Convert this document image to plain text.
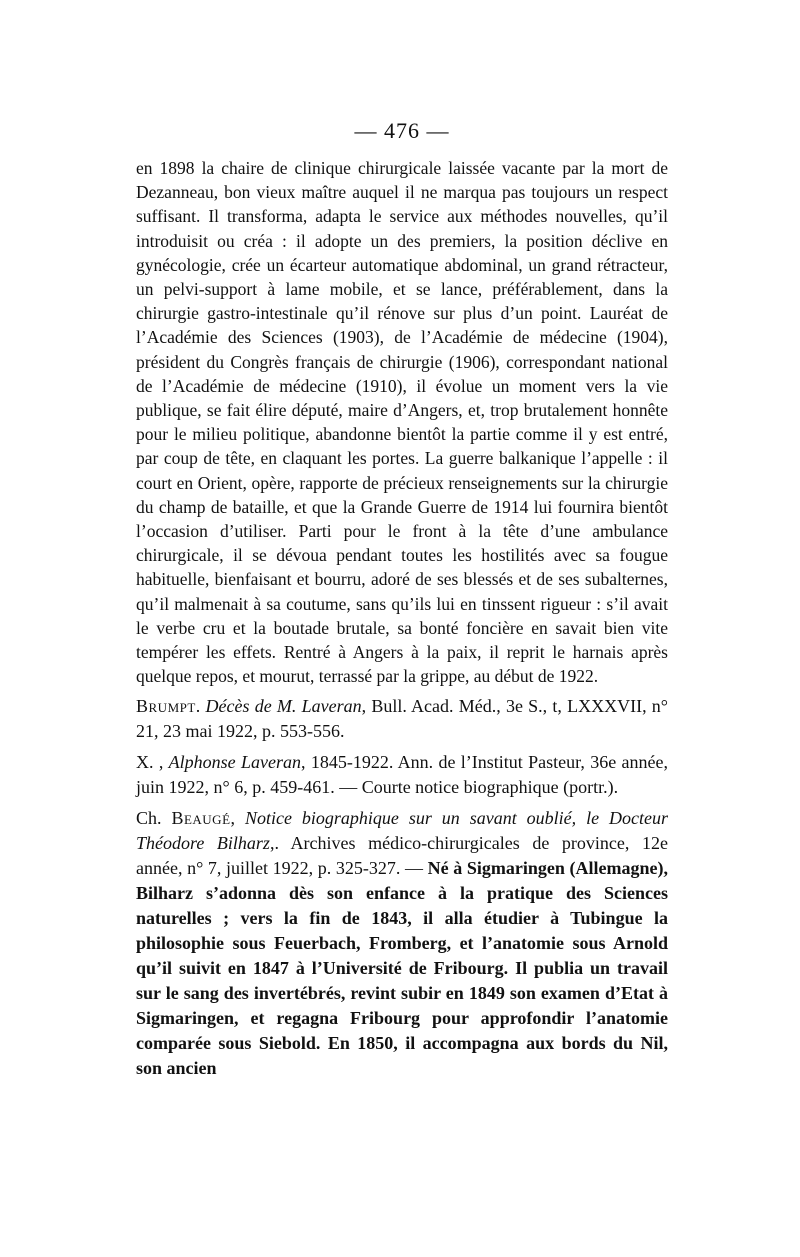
— 476 —

en 1898 la chaire de clinique chirurgicale laissée vacante par la mort de Dezanneau, bon vieux maître auquel il ne marqua pas toujours un respect suffisant. Il transforma, adapta le service aux méthodes nouvelles, qu’il introduisit ou créa : il adopte un des premiers, la position déclive en gynécologie, crée un écarteur automatique abdominal, un grand rétracteur, un pelvi-support à lame mobile, et se lance, préférablement, dans la chirurgie gastro-intestinale qu’il rénove sur plus d’un point. Lauréat de l’Académie des Sciences (1903), de l’Académie de médecine (1904), président du Congrès français de chirurgie (1906), correspondant national de l’Académie de médecine (1910), il évolue un moment vers la vie publique, se fait élire député, maire d’Angers, et, trop brutalement honnête pour le milieu politique, abandonne bientôt la partie comme il y est entré, par coup de tête, en claquant les portes. La guerre balkanique l’appelle : il court en Orient, opère, rapporte de précieux renseignements sur la chirurgie du champ de bataille, et que la Grande Guerre de 1914 lui fournira bientôt l’occasion d’utiliser. Parti pour le front à la tête d’une ambulance chirurgicale, il se dévoua pendant toutes les hostilités avec sa fougue habituelle, bienfaisant et bourru, adoré de ses blessés et de ses subalternes, qu’il malmenait à sa coutume, sans qu’ils lui en tinssent rigueur : s’il avait le verbe cru et la boutade brutale, sa bonté foncière en savait bien vite tempérer les effets. Rentré à Angers à la paix, il reprit le harnais après quelque repos, et mourut, terrassé par la grippe, au début de 1922.

Brumpt. Décès de M. Laveran, Bull. Acad. Méd., 3e S., t, LXXXVII, n° 21, 23 mai 1922, p. 553-556.

X. , Alphonse Laveran, 1845-1922. Ann. de l’Institut Pasteur, 36e année, juin 1922, n° 6, p. 459-461. — Courte notice biographique (portr.).

Ch. Beaugé, Notice biographique sur un savant oublié, le Docteur Théodore Bilharz,. Archives médico-chirurgicales de province, 12e année, n° 7, juillet 1922, p. 325-327. — Né à Sigmaringen (Allemagne), Bilharz s’adonna dès son enfance à la pratique des Sciences naturelles ; vers la fin de 1843, il alla étudier à Tubingue la philosophie sous Feuerbach, Fromberg, et l’anatomie sous Arnold qu’il suivit en 1847 à l’Université de Fribourg. Il publia un travail sur le sang des invertébrés, revint subir en 1849 son examen d’Etat à Sigmaringen, et regagna Fribourg pour approfondir l’anatomie comparée sous Siebold. En 1850, il accompagna aux bords du Nil, son ancien
